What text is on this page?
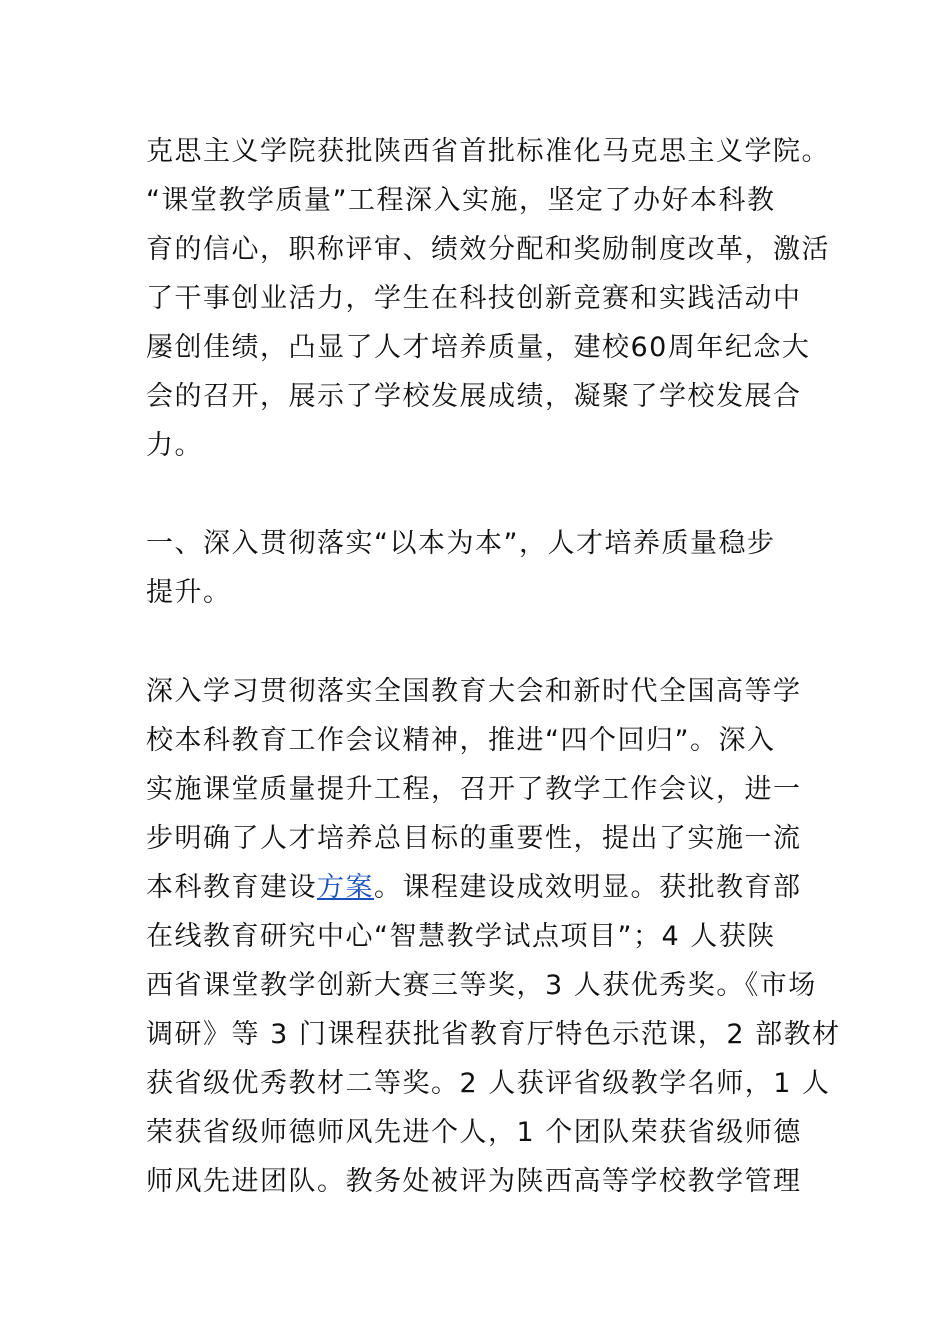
克思主义学院获批陕西省首批标准化马克思主义学院。
“课堂教学质量”工程深入实施，坚定了办好本科教
育的信心，职称评审、绩效分配和奖励制度改革，激活
了干事创业活力，学生在科技创新竞赛和实践活动中
屡创佳绩，凸显了人才培养质量，建校60周年纪念大
会的召开，展示了学校发展成绩，凝聚了学校发展合
力。
一、深入贯彻落实“以本为本”，人才培养质量稳步
提升。
深入学习贯彻落实全国教育大会和新时代全国高等学
校本科教育工作会议精神，推进“四个回归”。深入
实施课堂质量提升工程，召开了教学工作会议，进一
步明确了人才培养总目标的重要性，提出了实施一流
本科教育建设方案。课程建设成效明显。获批教育部
在线教育研究中心“智慧教学试点项目”；4 人获陕
西省课堂教学创新大赛三等奖，3 人获优秀奖。《市场
调研》等 3 门课程获批省教育厅特色示范课，2 部教材
获省级优秀教材二等奖。2 人获评省级教学名师，1 人
荣获省级师德师风先进个人，1 个团队荣获省级师德
师风先进团队。教务处被评为陕西高等学校教学管理
